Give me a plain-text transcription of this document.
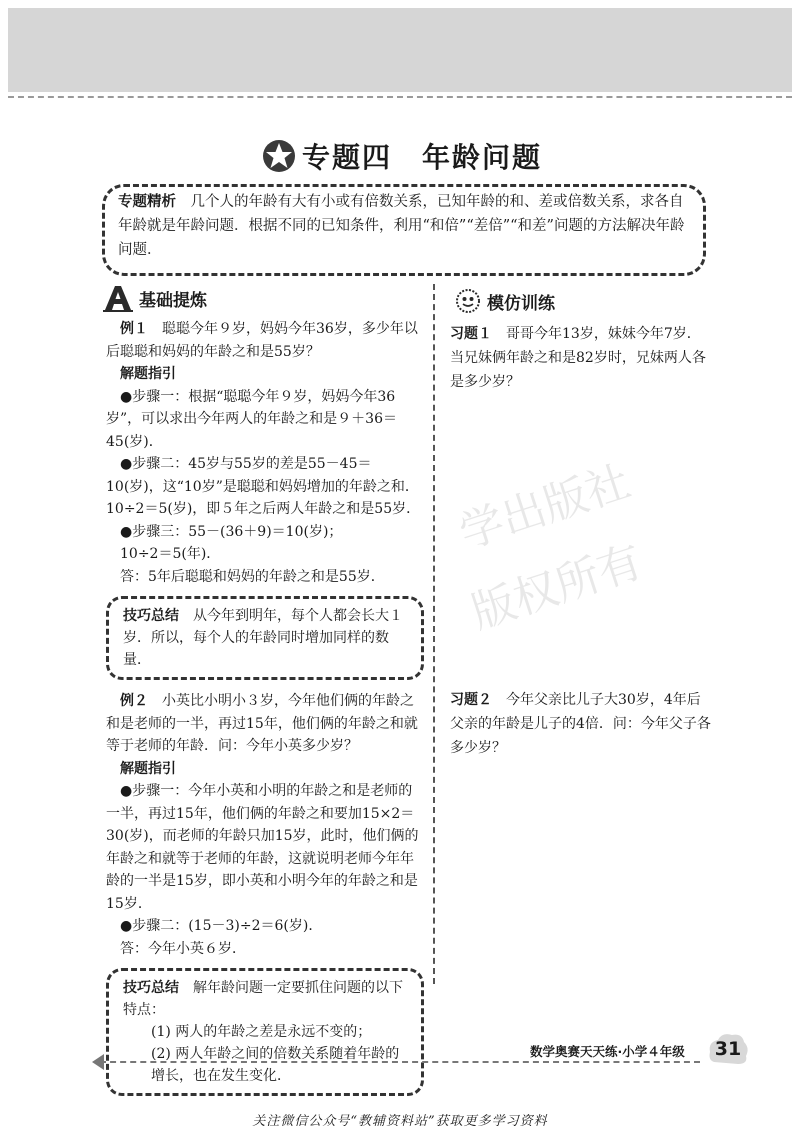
专题四　年龄问题
专题精析　几个人的年龄有大有小或有倍数关系，已知年龄的和、差或倍数关系，求各自年龄就是年龄问题．根据不同的已知条件，利用“和倍”“差倍”“和差”问题的方法解决年龄问题．
基础提炼	模仿训练
学出版社
版权所有

例１　聪聪今年９岁，妈妈今年36岁，多少年以后聪聪和妈妈的年龄之和是55岁？

解题指引

●步骤一：根据“聪聪今年９岁，妈妈今年36岁”，可以求出今年两人的年龄之和是９＋36＝45(岁)．

●步骤二：45岁与55岁的差是55－45＝10(岁)，这“10岁”是聪聪和妈妈增加的年龄之和．10÷2＝5(岁)，即５年之后两人年龄之和是55岁．

●步骤三：55－(36＋9)＝10(岁)；

10÷2＝5(年)．

答：5年后聪聪和妈妈的年龄之和是55岁．

技巧总结　从今年到明年，每个人都会长大１岁．所以，每个人的年龄同时增加同样的数量．

例２　小英比小明小３岁，今年他们俩的年龄之和是老师的一半，再过15年，他们俩的年龄之和就等于老师的年龄．问：今年小英多少岁？

解题指引

●步骤一：今年小英和小明的年龄之和是老师的一半，再过15年，他们俩的年龄之和要加15×2＝30(岁)，而老师的年龄只加15岁，此时，他们俩的年龄之和就等于老师的年龄，这就说明老师今年年龄的一半是15岁，即小英和小明今年的年龄之和是15岁．

●步骤二：(15－3)÷2＝6(岁)．

答：今年小英６岁．

技巧总结　解年龄问题一定要抓住问题的以下特点：
(1) 两人的年龄之差是永远不变的；
(2) 两人年龄之间的倍数关系随着年龄的增长，也在发生变化．
习题１　哥哥今年13岁，妹妹今年7岁．当兄妹俩年龄之和是82岁时，兄妹两人各是多少岁？
习题２　今年父亲比儿子大30岁，4年后父亲的年龄是儿子的4倍．问：今年父子各多少岁？
数学奥赛天天练·小学４年级	31
关注微信公众号“教辅资料站”获取更多学习资料
